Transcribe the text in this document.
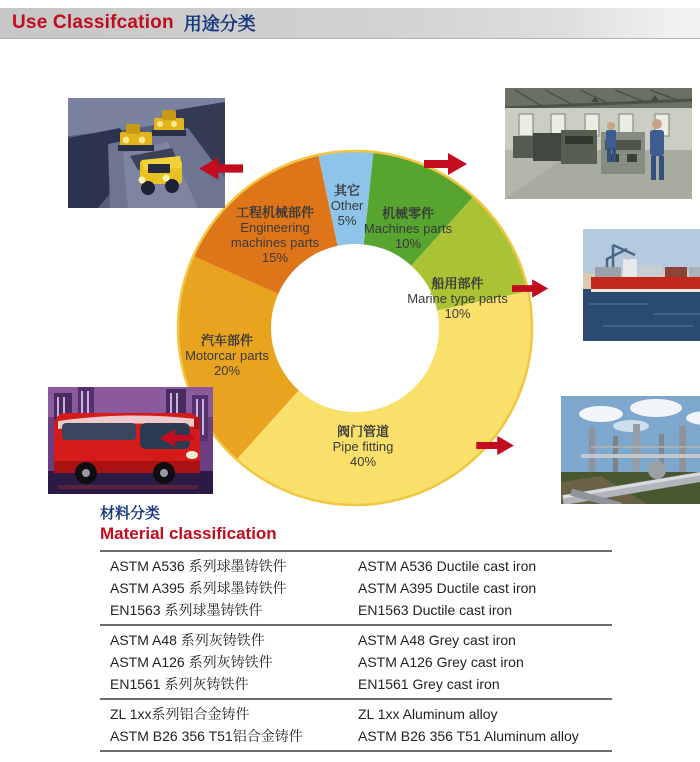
Use Classifcation 用途分类
其它
Other
5%	机械零件
Machines parts
10%
船用部件
Marine type parts
10%
阀门管道
Pipe fitting
40%
汽车部件
Motorcar parts
20%
工程机械部件
Engineering machines parts
15%
材料分类
Material classification
ASTM A536 系列球墨铸铁件	ASTM A536 Ductile cast iron
ASTM A395 系列球墨铸铁件	ASTM A395 Ductile cast iron
EN1563 系列球墨铸铁件	EN1563 Ductile cast iron
ASTM A48 系列灰铸铁件	ASTM A48 Grey cast iron
ASTM A126 系列灰铸铁件	ASTM A126 Grey cast iron
EN1561 系列灰铸铁件	EN1561 Grey cast iron
ZL 1xx系列铝合金铸件	ZL 1xx Aluminum alloy
ASTM B26 356 T51铝合金铸件	ASTM B26 356 T51 Aluminum alloy
